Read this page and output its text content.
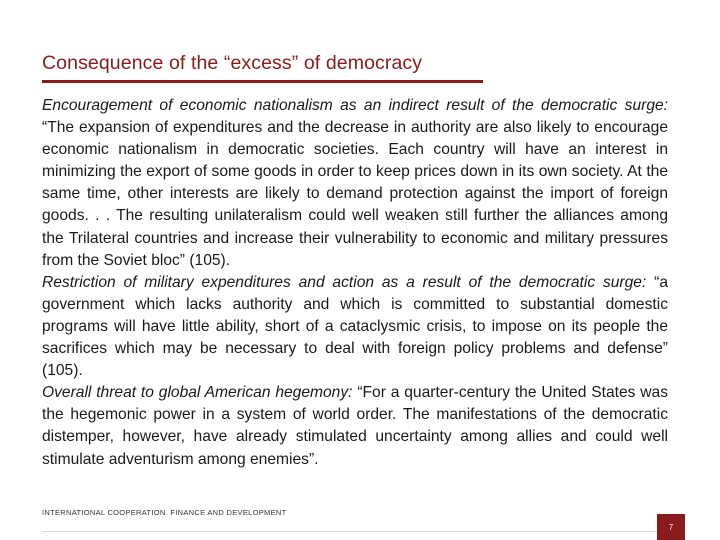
Consequence of the “excess” of democracy

Encouragement of economic nationalism as an indirect result of the democratic surge: “The expansion of expenditures and the decrease in authority are also likely to encourage economic nationalism in democratic societies. Each country will have an interest in minimizing the export of some goods in order to keep prices down in its own society. At the same time, other interests are likely to demand protection against the import of foreign goods. . . The resulting unilateralism could well weaken still further the alliances among the Trilateral countries and increase their vulnerability to economic and military pressures from the Soviet bloc” (105).

Restriction of military expenditures and action as a result of the democratic surge: “a government which lacks authority and which is committed to substantial domestic programs will have little ability, short of a cataclysmic crisis, to impose on its people the sacrifices which may be necessary to deal with foreign policy problems and defense” (105).

Overall threat to global American hegemony: “For a quarter-century the United States was the hegemonic power in a system of world order. The manifestations of the democratic distemper, however, have already stimulated uncertainty among allies and could well stimulate adventurism among enemies”.

INTERNATIONAL COOPERATION. FINANCE AND DEVELOPMENT
7
